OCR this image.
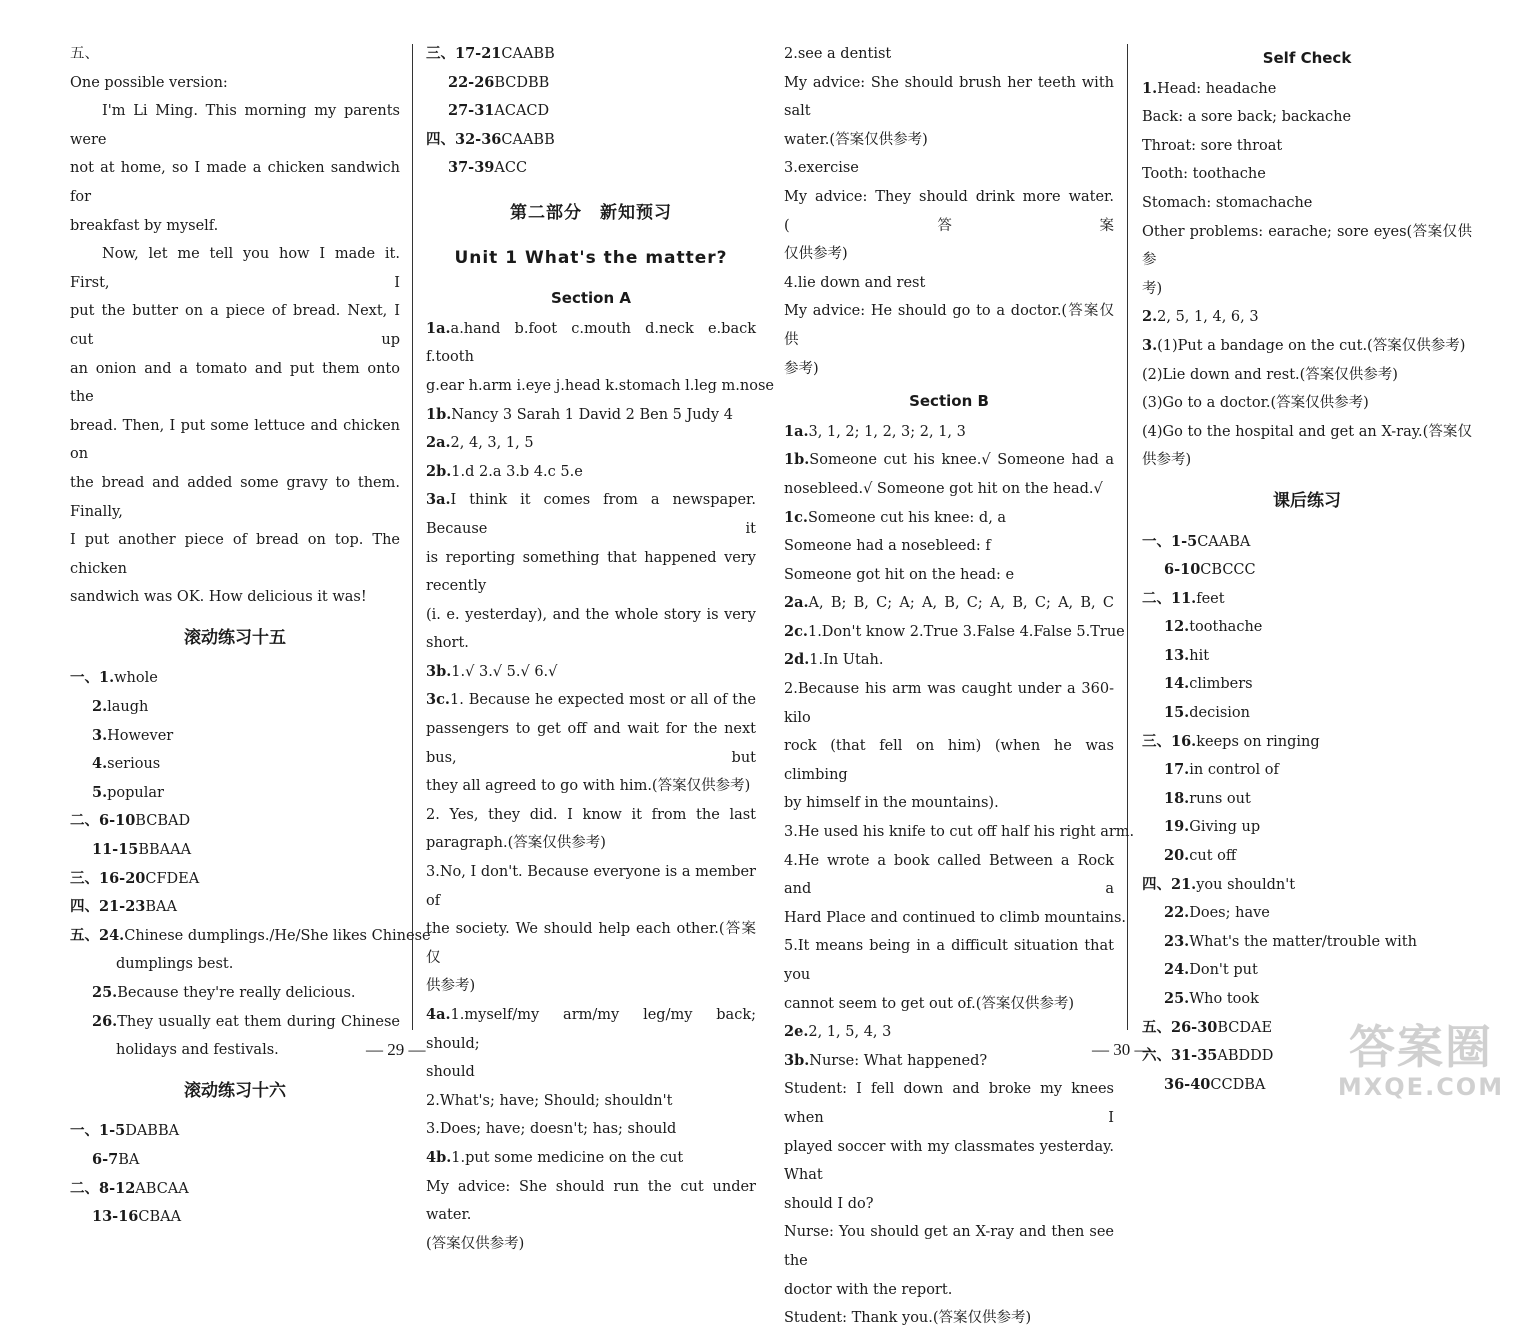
五、
One possible version:
I'm Li Ming. This morning my parents were
not at home, so I made a chicken sandwich for
breakfast by myself.
Now, let me tell you how I made it. First, I
put the butter on a piece of bread. Next, I cut up
an onion and a tomato and put them onto the
bread. Then, I put some lettuce and chicken on
the bread and added some gravy to them. Finally,
I put another piece of bread on top. The chicken
sandwich was OK. How delicious it was!
滚动练习十五
一、1.whole
2.laugh
3.However
4.serious
5.popular
二、6-10BCBAD
11-15BBAAA
三、16-20CFDEA
四、21-23BAA
五、24.Chinese dumplings./He/She likes Chinese
dumplings best.
25.Because they're really delicious.
26.They usually eat them during Chinese
holidays and festivals.
滚动练习十六
一、1-5DABBA
6-7BA
二、8-12ABCAA
13-16CBAA
三、17-21CAABB
22-26BCDBB
27-31ACACD
四、32-36CAABB
37-39ACC
第二部分　新知预习
Unit 1 What's the matter?
Section A
1a.a.hand b.foot c.mouth d.neck e.back f.tooth
g.ear h.arm i.eye j.head k.stomach l.leg m.nose
1b.Nancy 3 Sarah 1 David 2 Ben 5 Judy 4
2a.2, 4, 3, 1, 5
2b.1.d 2.a 3.b 4.c 5.e
3a.I think it comes from a newspaper. Because it
is reporting something that happened very recently
(i. e. yesterday), and the whole story is very
short.
3b.1.√ 3.√ 5.√ 6.√
3c.1. Because he expected most or all of the
passengers to get off and wait for the next bus, but
they all agreed to go with him.(答案仅供参考)
2. Yes, they did. I know it from the last
paragraph.(答案仅供参考)
3.No, I don't. Because everyone is a member of
the society. We should help each other.(答案仅
供参考)
4a.1.myself/my arm/my leg/my back; should;
should
2.What's; have; Should; shouldn't
3.Does; have; doesn't; has; should
4b.1.put some medicine on the cut
My advice: She should run the cut under water.
(答案仅供参考)
2.see a dentist
My advice: She should brush her teeth with salt
water.(答案仅供参考)
3.exercise
My advice: They should drink more water.(答案
仅供参考)
4.lie down and rest
My advice: He should go to a doctor.(答案仅供
参考)
Section B
1a.3, 1, 2; 1, 2, 3; 2, 1, 3
1b.Someone cut his knee.√ Someone had a
nosebleed.√ Someone got hit on the head.√
1c.Someone cut his knee: d, a
Someone had a nosebleed: f
Someone got hit on the head: e
2a.A, B; B, C; A; A, B, C; A, B, C; A, B, C
2c.1.Don't know 2.True 3.False 4.False 5.True
2d.1.In Utah.
2.Because his arm was caught under a 360-kilo
rock (that fell on him) (when he was climbing
by himself in the mountains).
3.He used his knife to cut off half his right arm.
4.He wrote a book called Between a Rock and a
Hard Place and continued to climb mountains.
5.It means being in a difficult situation that you
cannot seem to get out of.(答案仅供参考)
2e.2, 1, 5, 4, 3
3b.Nurse: What happened?
Student: I fell down and broke my knees when I
played soccer with my classmates yesterday. What
should I do?
Nurse: You should get an X-ray and then see the
doctor with the report.
Student: Thank you.(答案仅供参考)
Self Check
1.Head: headache
Back: a sore back; backache
Throat: sore throat
Tooth: toothache
Stomach: stomachache
Other problems: earache; sore eyes(答案仅供参
考)
2.2, 5, 1, 4, 6, 3
3.(1)Put a bandage on the cut.(答案仅供参考)
(2)Lie down and rest.(答案仅供参考)
(3)Go to a doctor.(答案仅供参考)
(4)Go to the hospital and get an X-ray.(答案仅
供参考)
课后练习
一、1-5CAABA
6-10CBCCC
二、11.feet
12.toothache
13.hit
14.climbers
15.decision
三、16.keeps on ringing
17.in control of
18.runs out
19.Giving up
20.cut off
四、21.you shouldn't
22.Does; have
23.What's the matter/trouble with
24.Don't put
25.Who took
五、26-30BCDAE
六、31-35ABDDD
36-40CCDBA
— 29 —	— 30 —	答案圈
MXQE.COM
